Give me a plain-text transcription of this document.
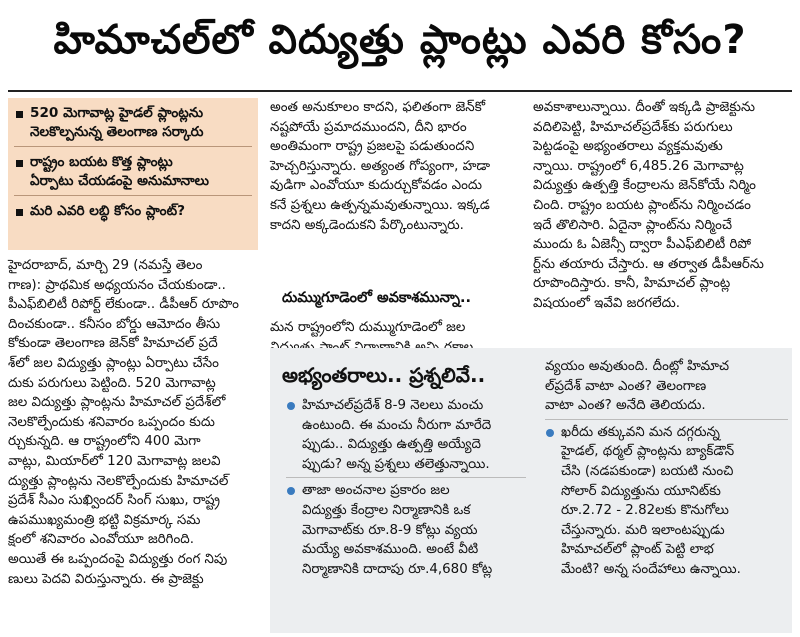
హిమాచల్‌లో విద్యుత్తు ప్లాంట్లు ఎవరి కోసం?
520 మెగావాట్ల హైడల్ ప్లాంట్లను
నెలకొల్పనున్న తెలంగాణ సర్కారు
రాష్ట్రం బయట కొత్త ప్లాంట్లు
ఏర్పాటు చేయడంపై అనుమానాలు
మరి ఎవరి లబ్ధి కోసం ప్లాంట్?

హైదరాబాద్, మార్చి 29 (నమస్తే తెలం

గాణ): ప్రాథమిక అధ్యయనం చేయకుండా..

పీఎఫ్‌బిలిటీ రిపోర్ట్ లేకుండా.. డీపీఆర్ రూపొం

దించకుండా.. కనీసం బోర్డు ఆమోదం తీసు

కోకుండా తెలంగాణ జెన్‌కో హిమాచల్ ప్రదే

శ్‌లో జల విద్యుత్తు ప్లాంట్లు ఏర్పాటు చేసేం

దుకు పరుగులు పెట్టింది. 520 మెగావాట్ల

జల విద్యుత్తు ప్లాంట్లను హిమాచల్ ప్రదేశ్‌లో

నెలకొల్పేందుకు శనివారం ఒప్పందం కుదు

ర్చుకున్నది. ఆ రాష్ట్రంలోని 400 మెగా

వాట్లు, మియార్‌లో 120 మెగావాట్ల జలవి

ద్యుత్తు ప్లాంట్లను నెలకొల్పేందుకు హిమాచల్

ప్రదేశ్ సీఎం సుఖ్విందర్ సింగ్ సుఖు, రాష్ట్ర

ఉపముఖ్యమంత్రి భట్టి విక్రమార్క సమ

క్షంలో శనివారం ఎంవోయూ జరిగింది.

అయితే ఈ ఒప్పందంపై విద్యుత్తు రంగ నిపు

ణులు పెదవి విరుస్తున్నారు. ఈ ప్రాజెక్టు

అంత అనుకూలం కాదని, ఫలితంగా జెన్‌కో

నష్టపోయే ప్రమాదముందని, దీని భారం

అంతిమంగా రాష్ట్ర ప్రజలపై పడుతుందని

హెచ్చరిస్తున్నారు. అత్యంత గోప్యంగా, హడా

వుడిగా ఎంవోయూ కుదుర్చుకోవడం ఎందు

కనే ప్రశ్నలు ఉత్పన్నమవుతున్నాయి. ఇక్కడ

కాదని అక్కడెందుకని పేర్కొంటున్నారు.

దుమ్ముగూడెంలో అవకాశమున్నా..

మన రాష్ట్రంలోని దుమ్ముగూడెంలో జల

అవకాశాలున్నాయి. దీంతో ఇక్కడి ప్రాజెక్టును

వదిలిపెట్టి, హిమాచల్‌ప్రదేశ్‌కు పరుగులు

పెట్టడంపై అభ్యంతరాలు వ్యక్తమవుతు

న్నాయి. రాష్ట్రంలో 6,485.26 మెగావాట్ల

విద్యుత్తు ఉత్పత్తి కేంద్రాలను జెన్‌కోయే నిర్మిం

చింది. రాష్ట్రం బయట ప్లాంట్‌ను నిర్మించడం

ఇదే తొలిసారి. ఏదైనా ప్లాంట్‌ను నిర్మించే

ముందు ఓ ఏజెన్సీ ద్వారా పీఎఫ్‌బిలిటీ రిపో

ర్ట్‌ను తయారు చేస్తారు. ఆ తర్వాత డీపీఆర్‌ను

రూపొందిస్తారు. కానీ, హిమాచల్ ప్లాంట్ల

విషయంలో ఇవేవి జరగలేదు.

అభ్యంతరాలు.. ప్రశ్నలివే..

హిమాచల్‌ప్రదేశ్ 8-9 నెలలు మంచు

ఉంటుంది. ఈ మంచు నీరుగా మారేదె

ప్పుడు.. విద్యుత్తు ఉత్పత్తి అయ్యేదె

ప్పుడు? అన్న ప్రశ్నలు తలెత్తున్నాయి.

తాజా అంచనాల ప్రకారం జల

విద్యుత్తు కేంద్రాల నిర్మాణానికి ఒక

మెగావాట్‌కు రూ.8-9 కోట్లు వ్యయ

మయ్యే అవకాశముంది. అంటే వీటి

నిర్మాణానికి దాదాపు రూ.4,680 కోట్ల

వ్యయం అవుతుంది. దీంట్లో హిమాచ

ల్‌ప్రదేశ్ వాటా ఎంత? తెలంగాణ

వాటా ఎంత? అనేది తెలియదు.

ఖరీదు తక్కువని మన దగ్గరున్న

హైడల్, థర్మల్ ప్లాంట్లను బ్యాక్‌డౌన్

చేసి (నడపకుండా) బయటి నుంచి

సోలార్ విద్యుత్తును యూనిట్‌కు

రూ.2.72 - 2.82లకు కొనుగోలు

చేస్తున్నారు. మరి ఇలాంటప్పుడు

హిమాచల్‌లో ప్లాంట్ పెట్టి లాభ

మేంటి? అన్న సందేహాలు ఉన్నాయి.
